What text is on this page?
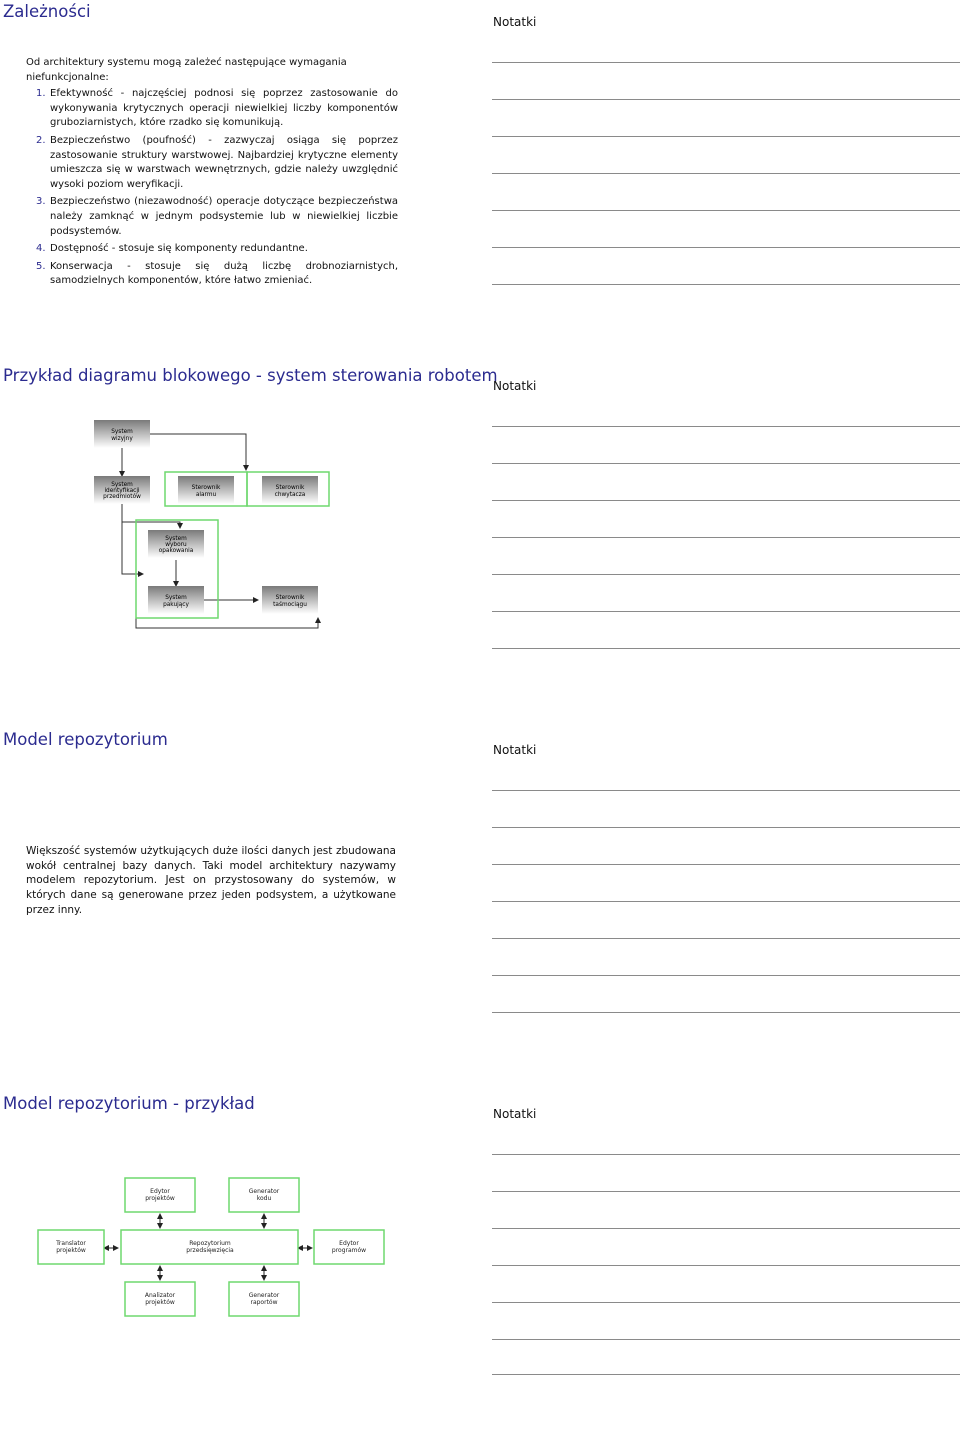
Zależności

Od architektury systemu mogą zależeć następujące wymagania niefunkcjonalne:

1. Efektywność - najczęściej podnosi się poprzez zastosowanie do wykonywania krytycznych operacji niewielkiej liczby komponentów gruboziarnistych, które rzadko się komunikują.
2. Bezpieczeństwo (poufność) - zazwyczaj osiąga się poprzez zastosowanie struktury warstwowej. Najbardziej krytyczne elementy umieszcza się w warstwach wewnętrznych, gdzie należy uwzględnić wysoki poziom weryfikacji.
3. Bezpieczeństwo (niezawodność) operacje dotyczące bezpieczeństwa należy zamknąć w jednym podsystemie lub w niewielkiej liczbie podsystemów.
4. Dostępność - stosuje się komponenty redundantne.
5. Konserwacja - stosuje się dużą liczbę drobnoziarnistych, samodzielnych komponentów, które łatwo zmieniać.
Notatki
Przykład diagramu blokowego - system sterowania robotem
System
wizyjny
System
identyfikacji
przedmiotów
Sterownik
alarmu
Sterownik
chwytacza
System
wyboru
opakowania
System
pakujący
Sterownik
taśmociągu
Notatki
Model repozytorium
Większość systemów użytkujących duże ilości danych jest zbudowana wokół centralnej bazy danych. Taki model architektury nazywamy modelem repozytorium. Jest on przystosowany do systemów, w których dane są generowane przez jeden podsystem, a użytkowane przez inny.
Notatki
Model repozytorium - przykład
Edytor
projektów
Generator
kodu
Translator
projektów
Repozytorium
przedsięwzięcia
Edytor
programów
Analizator
projektów
Generator
raportów
Notatki
